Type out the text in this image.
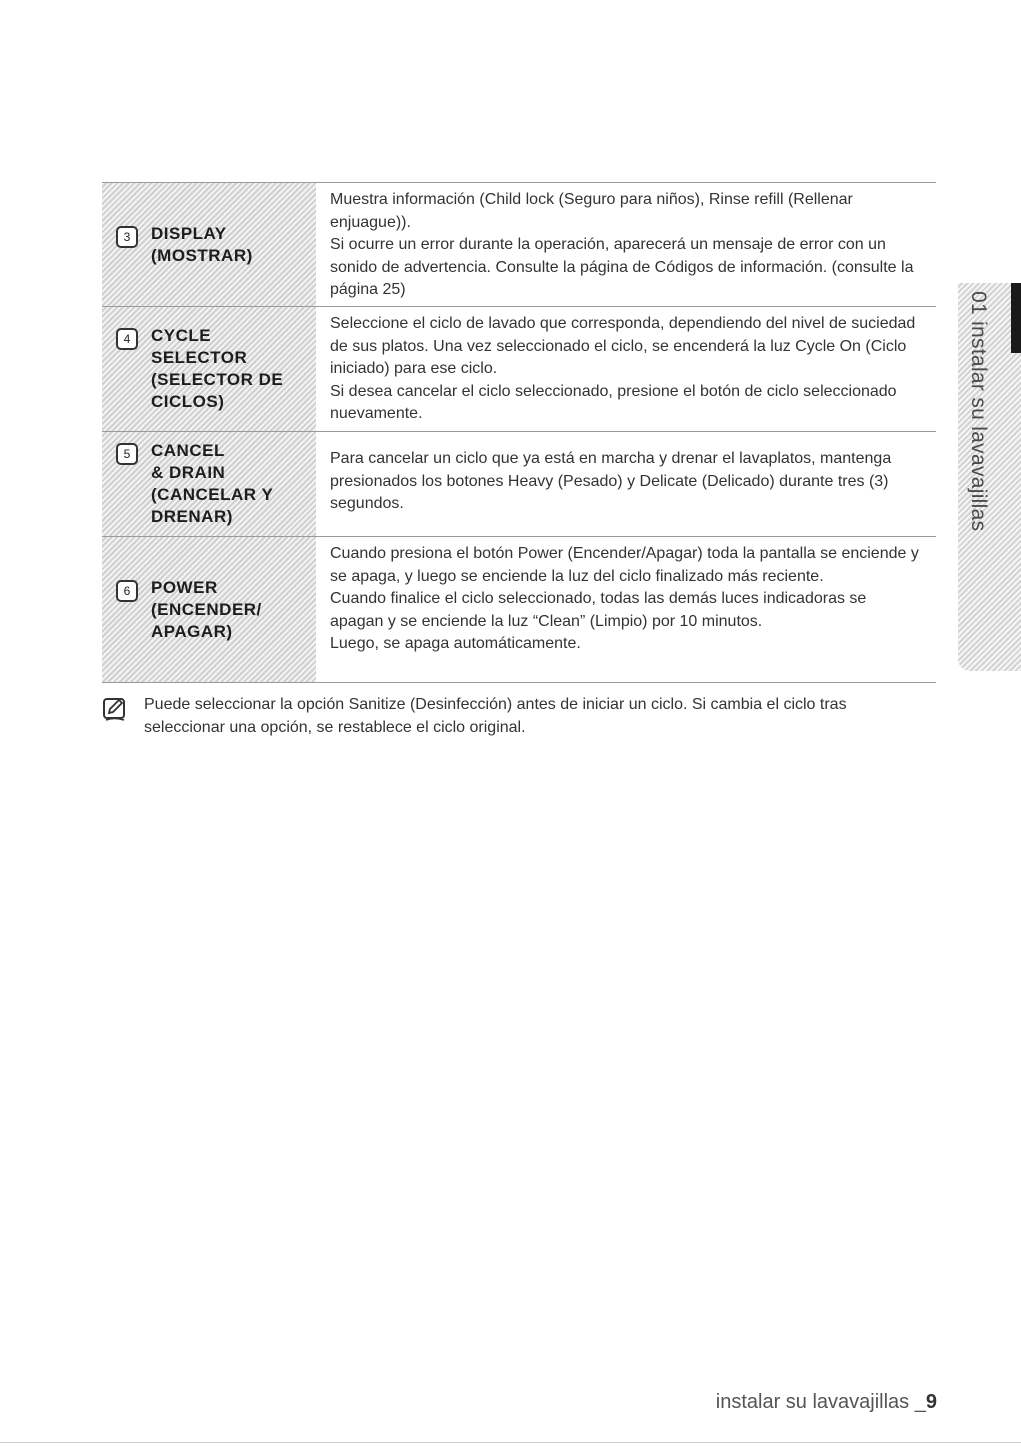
3	DISPLAY
(MOSTRAR)

Muestra información (Child lock (Seguro para niños), Rinse refill (Rellenar enjuague)).

Si ocurre un error durante la operación, aparecerá un mensaje de error con un sonido de advertencia. Consulte la página de Códigos de información. (consulte la página 25)

4	CYCLE
SELECTOR
(SELECTOR DE
CICLOS)

Seleccione el ciclo de lavado que corresponda, dependiendo del nivel de suciedad de sus platos. Una vez seleccionado el ciclo, se encenderá la luz Cycle On (Ciclo iniciado) para ese ciclo.

Si desea cancelar el ciclo seleccionado, presione el botón de ciclo seleccionado nuevamente.

5	CANCEL
& DRAIN
(CANCELAR Y
DRENAR)

Para cancelar un ciclo que ya está en marcha y drenar el lavaplatos, mantenga presionados los botones Heavy (Pesado) y Delicate (Delicado) durante tres (3) segundos.

6	POWER
(ENCENDER/
APAGAR)

Cuando presiona el botón Power (Encender/Apagar) toda la pantalla se enciende y se apaga, y luego se enciende la luz del ciclo finalizado más reciente.

Cuando finalice el ciclo seleccionado, todas las demás luces indicadoras se apagan y se enciende la luz “Clean” (Limpio) por 10 minutos.

Luego, se apaga automáticamente.

Puede seleccionar la opción Sanitize (Desinfección) antes de iniciar un ciclo. Si cambia el ciclo tras seleccionar una opción, se restablece el ciclo original.
01 instalar su lavavajillas
instalar su lavavajillas _9
